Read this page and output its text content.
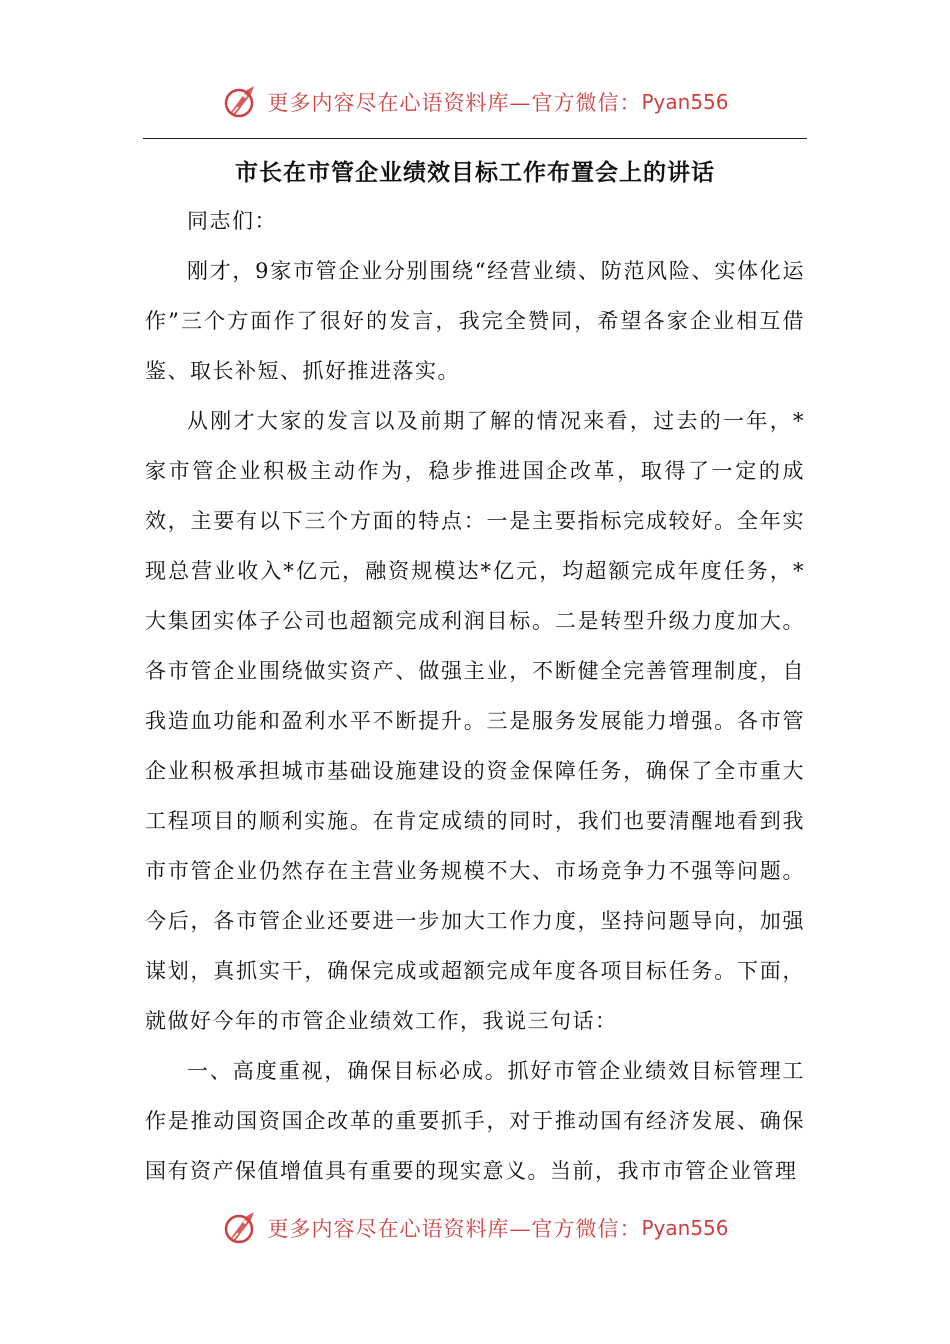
更多内容尽在心语资料库—官方微信： Pyan556
市长在市管企业绩效目标工作布置会上的讲话

同志们：

刚才，9家市管企业分别围绕“经营业绩、防范风险、实体化运作”三个方面作了很好的发言，我完全赞同，希望各家企业相互借鉴、取长补短、抓好推进落实。

从刚才大家的发言以及前期了解的情况来看，过去的一年，*家市管企业积极主动作为，稳步推进国企改革，取得了一定的成效，主要有以下三个方面的特点：一是主要指标完成较好。全年实现总营业收入*亿元，融资规模达*亿元，均超额完成年度任务，*大集团实体子公司也超额完成利润目标。二是转型升级力度加大。各市管企业围绕做实资产、做强主业，不断健全完善管理制度，自我造血功能和盈利水平不断提升。三是服务发展能力增强。各市管企业积极承担城市基础设施建设的资金保障任务，确保了全市重大工程项目的顺利实施。在肯定成绩的同时，我们也要清醒地看到我市市管企业仍然存在主营业务规模不大、市场竞争力不强等问题。今后，各市管企业还要进一步加大工作力度，坚持问题导向，加强谋划，真抓实干，确保完成或超额完成年度各项目标任务。下面，就做好今年的市管企业绩效工作，我说三句话：

一、高度重视，确保目标必成。抓好市管企业绩效目标管理工作是推动国资国企改革的重要抓手，对于推动国有经济发展、确保国有资产保值增值具有重要的现实意义。当前，我市市管企业管理

更多内容尽在心语资料库—官方微信： Pyan556
